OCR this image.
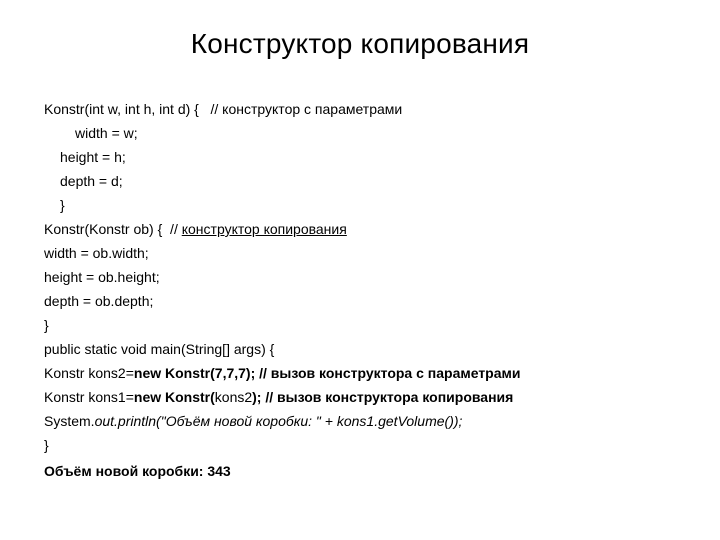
Конструктор копирования
Konstr(int w, int h, int d) {   // конструктор с параметрами
width = w;
height = h;
depth = d;
}
Konstr(Konstr ob) {  // конструктор копирования
width = ob.width;
height = ob.height;
depth = ob.depth;
}
public static void main(String[] args) {
Konstr kons2=new Konstr(7,7,7); // вызов конструктора с параметрами
Konstr kons1=new Konstr(kons2); // вызов конструктора копирования
System.out.println("Объём новой коробки: " + kons1.getVolume());
}
Объём новой коробки: 343
